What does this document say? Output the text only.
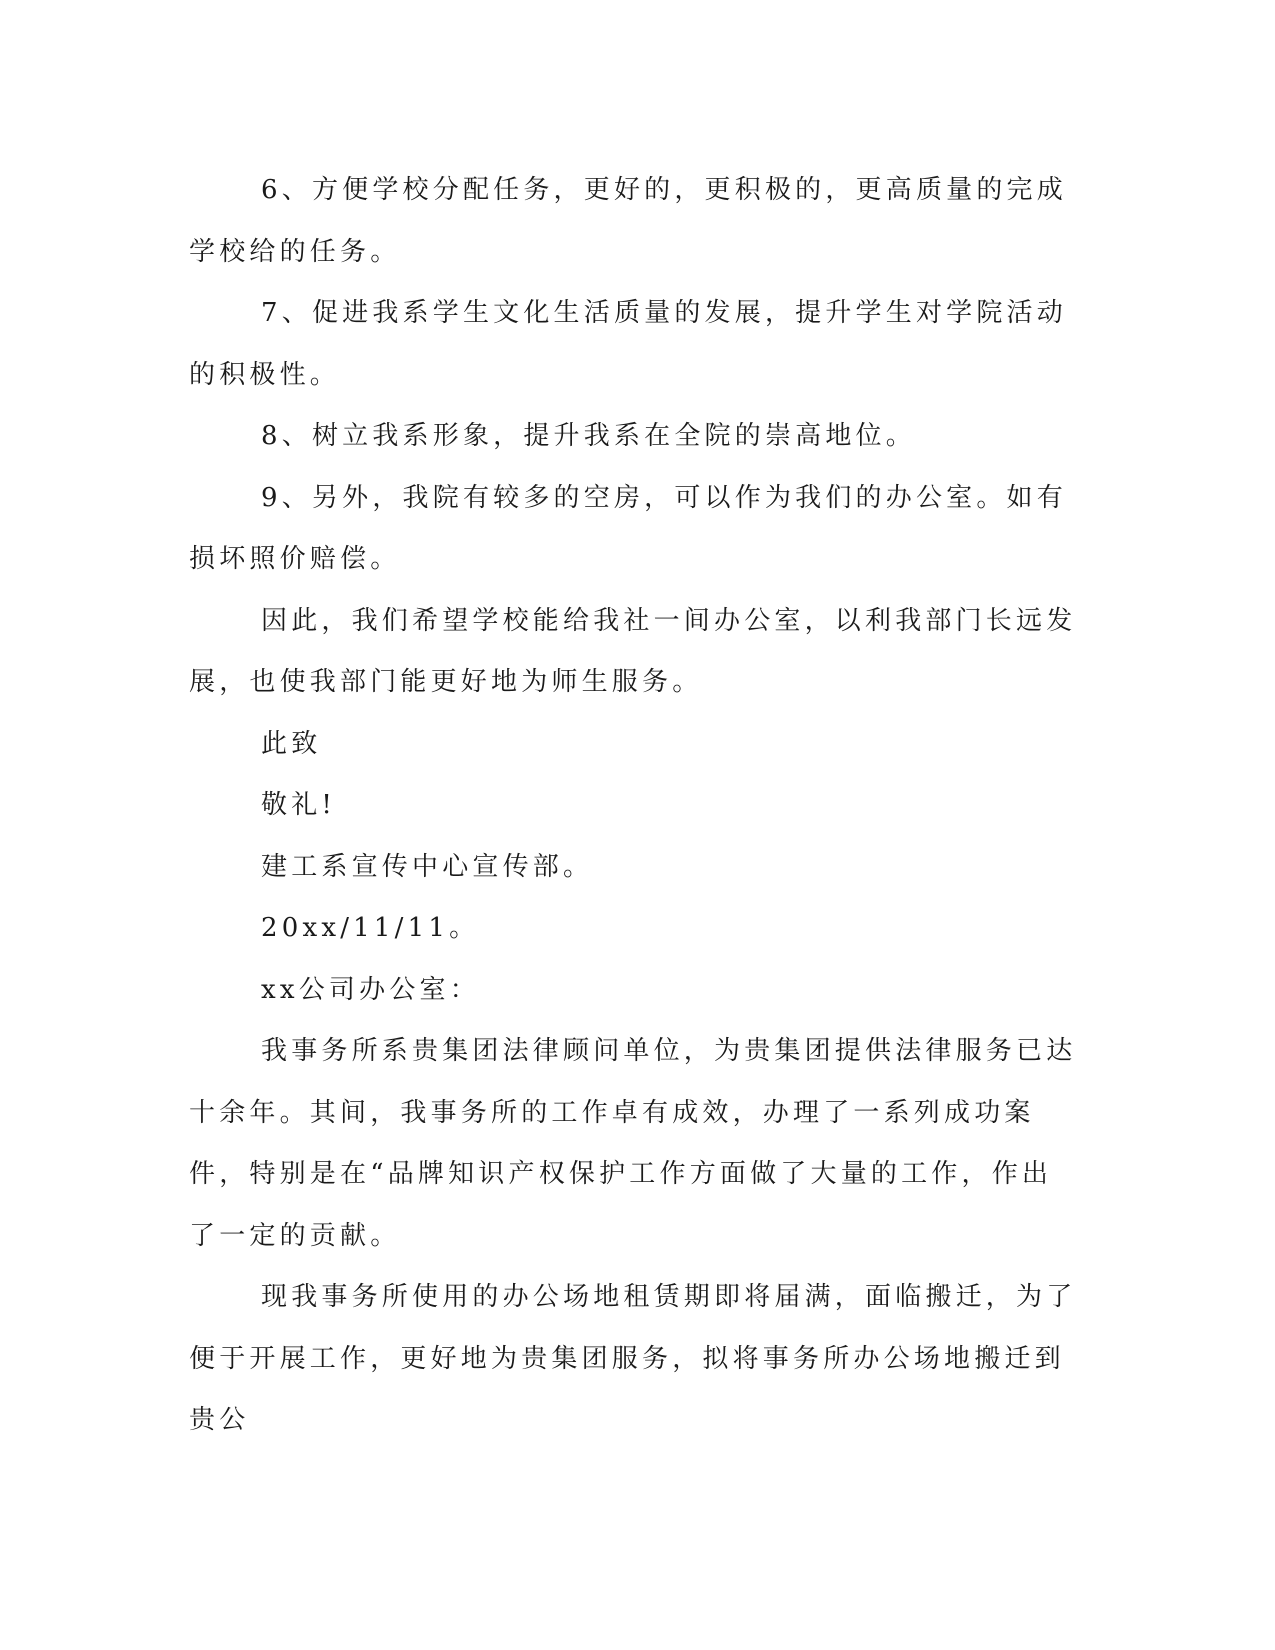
6、方便学校分配任务，更好的，更积极的，更高质量的完成学校给的任务。

7、促进我系学生文化生活质量的发展，提升学生对学院活动的积极性。

8、树立我系形象，提升我系在全院的崇高地位。

9、另外，我院有较多的空房，可以作为我们的办公室。如有损坏照价赔偿。

因此，我们希望学校能给我社一间办公室，以利我部门长远发展，也使我部门能更好地为师生服务。

此致

敬礼!

建工系宣传中心宣传部。

20xx/11/11。

xx公司办公室：

我事务所系贵集团法律顾问单位，为贵集团提供法律服务已达十余年。其间，我事务所的工作卓有成效，办理了一系列成功案件，特别是在“品牌知识产权保护工作方面做了大量的工作，作出了一定的贡献。

现我事务所使用的办公场地租赁期即将届满，面临搬迁，为了便于开展工作，更好地为贵集团服务，拟将事务所办公场地搬迁到贵公
